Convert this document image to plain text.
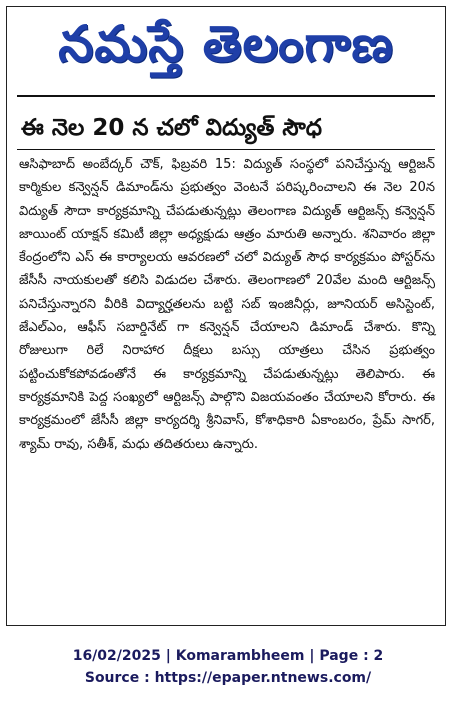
నమస్తే తెలంగాణ
ఈ నెల 20 న చలో విద్యుత్ సౌధ

ఆసిఫాబాద్ అంబేద్కర్ చౌక్, ఫిబ్రవరి 15: విద్యుత్ సంస్థలో పనిచేస్తున్న ఆర్టిజన్ కార్మికుల కన్వెన్షన్ డిమాండ్‌ను ప్రభుత్వం వెంటనే పరిష్కరించాలని ఈ నెల 20న విద్యుత్ సౌదా కార్యక్రమాన్ని చేపడుతున్నట్లు తెలంగాణ విద్యుత్ ఆర్టిజన్స్ కన్వెన్షన్ జాయింట్ యాక్షన్ కమిటీ జిల్లా అధ్యక్షుడు ఆత్రం మారుతి అన్నారు. శనివారం జిల్లా కేంద్రంలోని ఎస్ ఈ కార్యాలయ ఆవరణలో చలో విద్యుత్ సౌధ కార్యక్రమం పోస్టర్‌ను జేసీసీ నాయకులతో కలిసి విడుదల చేశారు. తెలంగాణలో 20వేల మంది ఆర్టిజన్స్ పనిచేస్తున్నారని వీరికి విద్యార్హతలను బట్టి సబ్ ఇంజినీర్లు, జూనియర్ అసిస్టెంట్, జేఎల్ఎం, ఆఫీస్ సబార్డినేట్ గా కన్వెన్షన్ చేయాలని డిమాండ్ చేశారు. కొన్ని రోజులుగా రిలే నిరాహార దీక్షలు బస్సు యాత్రలు చేసిన ప్రభుత్వం పట్టించుకోకపోవడంతోనే ఈ కార్యక్రమాన్ని చేపడుతున్నట్లు తెలిపారు. ఈ కార్యక్రమానికి పెద్ద సంఖ్యలో ఆర్టిజన్స్ పాల్గొని విజయవంతం చేయాలని కోరారు. ఈ కార్యక్రమంలో జేసీసీ జిల్లా కార్యదర్శి శ్రీనివాస్, కోశాధికారి ఏకాంబరం, ప్రేమ్ సాగర్, శ్యామ్ రావు, సతీశ్, మధు తదితరులు ఉన్నారు.

16/02/2025 | Komarambheem | Page : 2
Source : https://epaper.ntnews.com/
